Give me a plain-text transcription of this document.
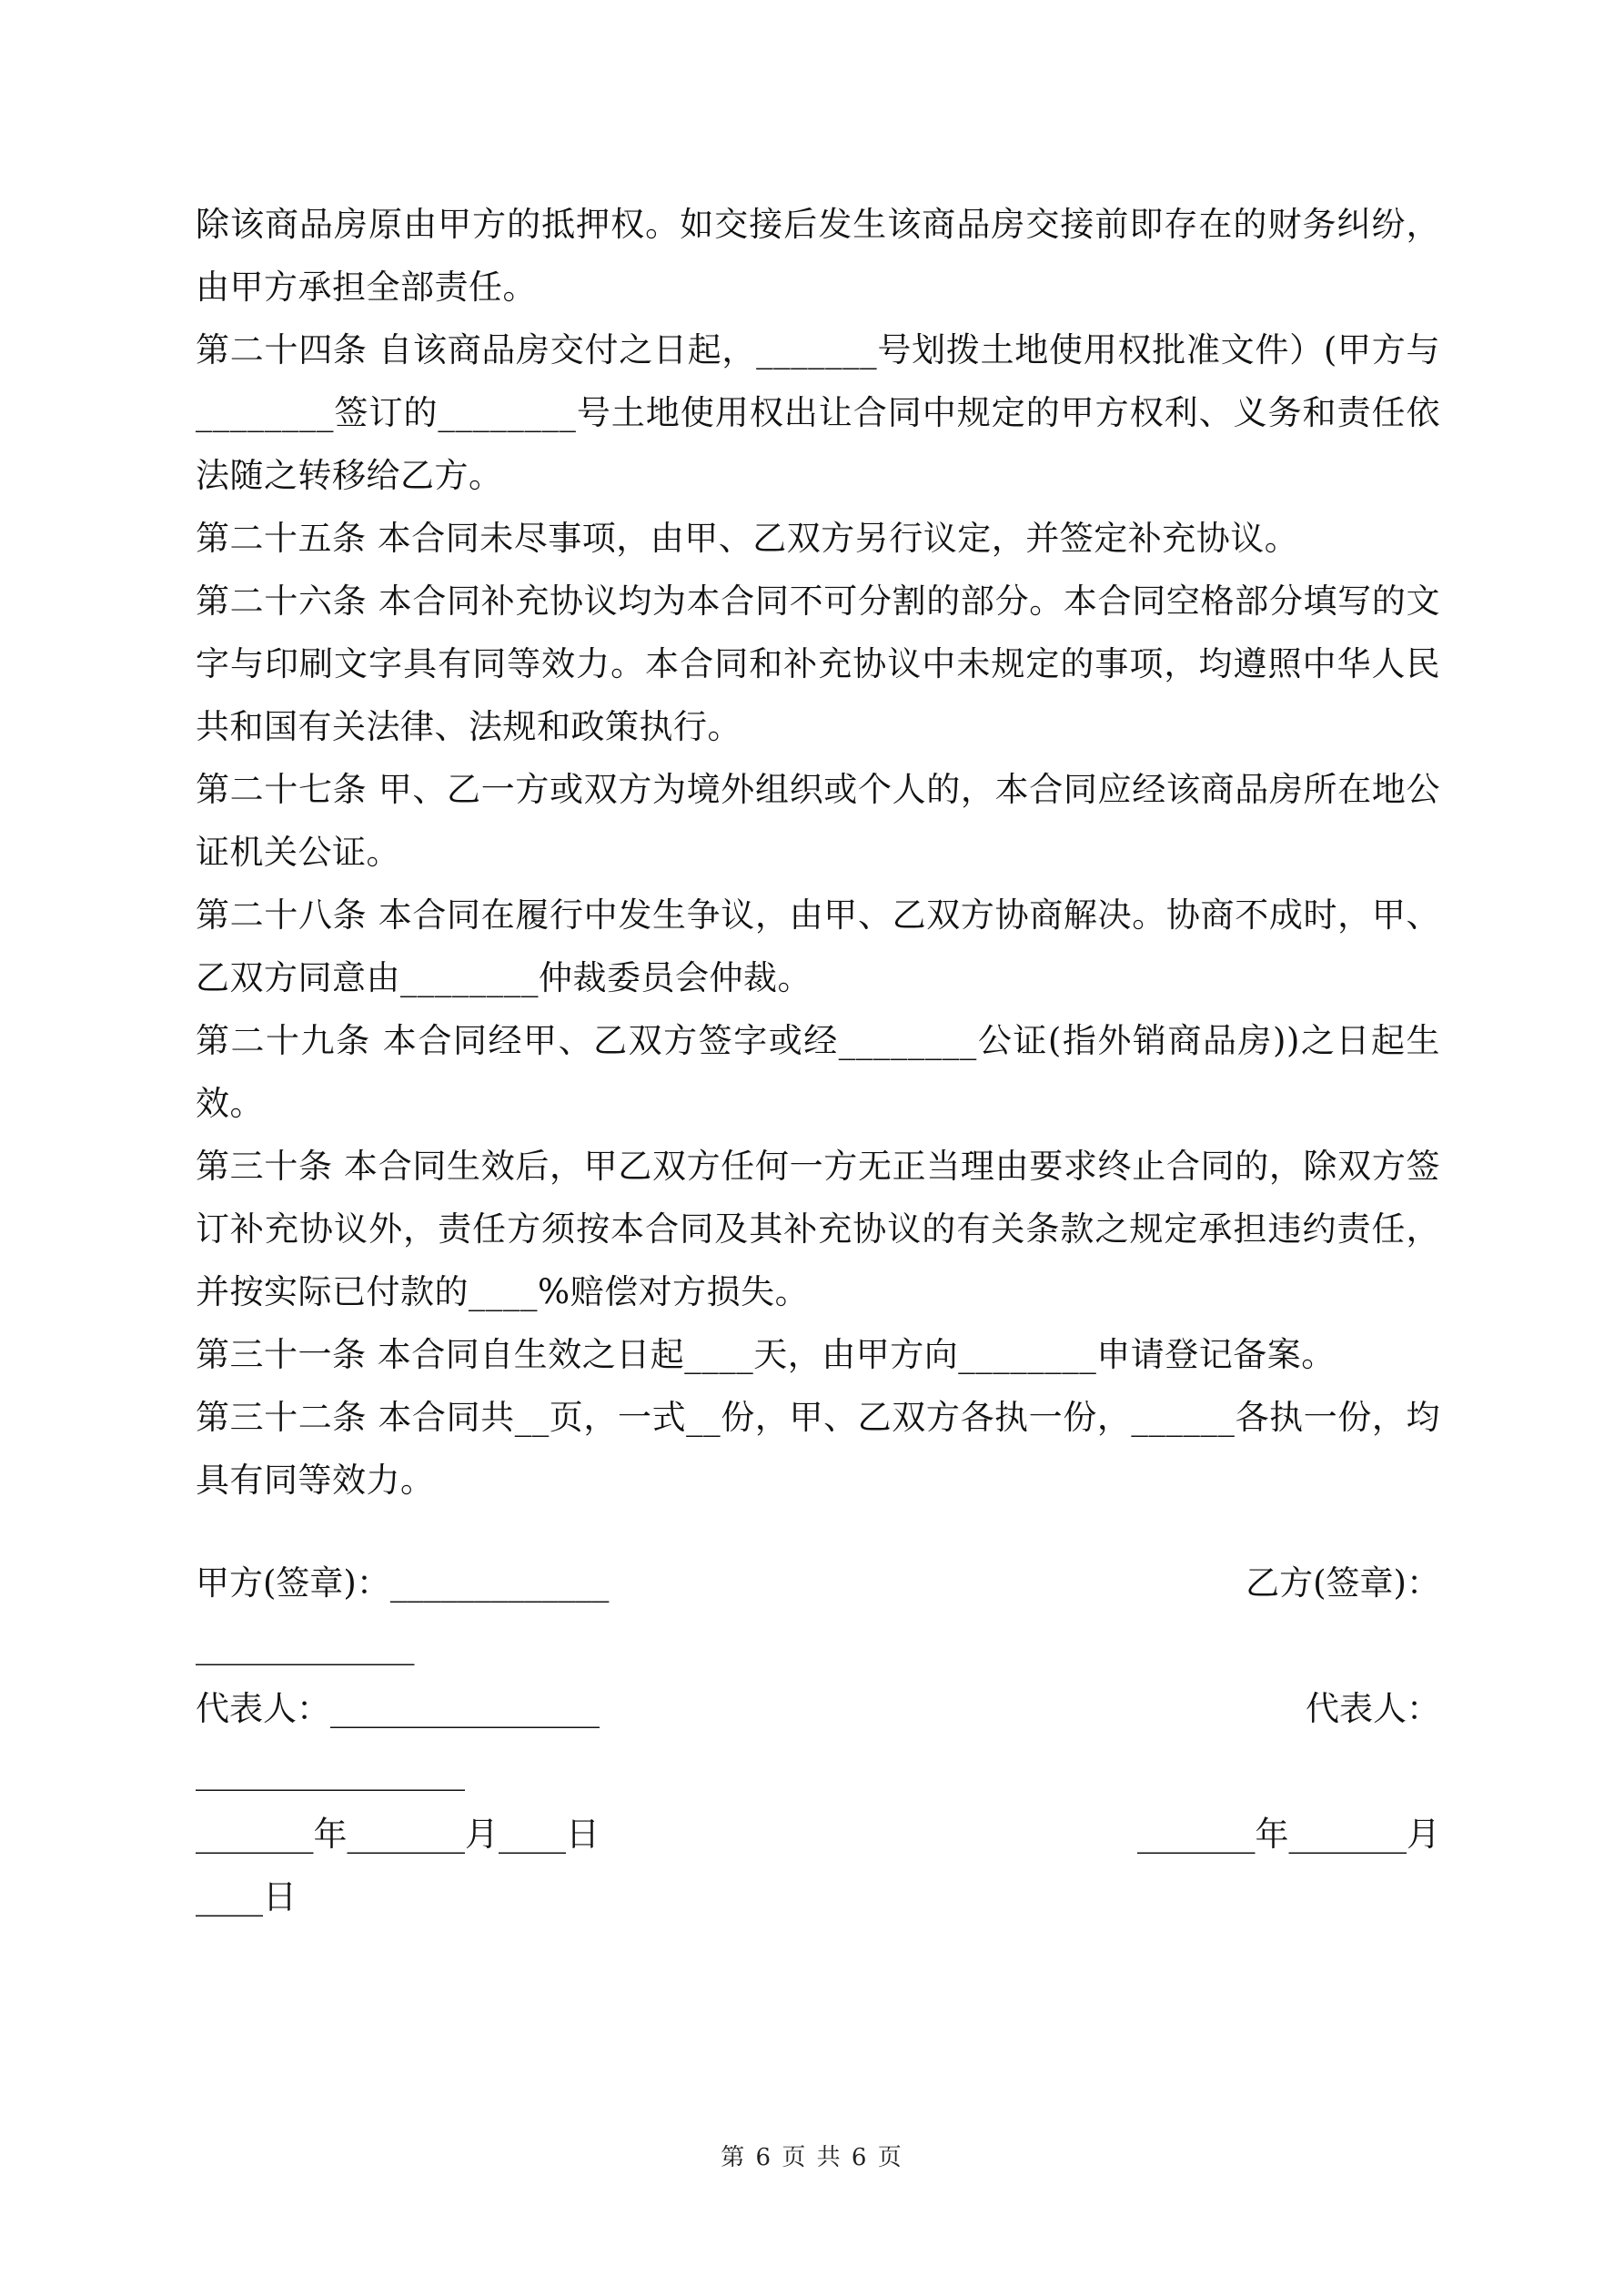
除该商品房原由甲方的抵押权。如交接后发生该商品房交接前即存在的财务纠纷，由甲方承担全部责任。

第二十四条 自该商品房交付之日起，_______号划拨土地使用权批准文件）(甲方与________签订的________号土地使用权出让合同中规定的甲方权利、义务和责任依法随之转移给乙方。

第二十五条 本合同未尽事项，由甲、乙双方另行议定，并签定补充协议。

第二十六条 本合同补充协议均为本合同不可分割的部分。本合同空格部分填写的文字与印刷文字具有同等效力。本合同和补充协议中未规定的事项，均遵照中华人民共和国有关法律、法规和政策执行。

第二十七条 甲、乙一方或双方为境外组织或个人的，本合同应经该商品房所在地公证机关公证。

第二十八条 本合同在履行中发生争议，由甲、乙双方协商解决。协商不成时，甲、乙双方同意由________仲裁委员会仲裁。

第二十九条 本合同经甲、乙双方签字或经________公证(指外销商品房))之日起生效。

第三十条 本合同生效后，甲乙双方任何一方无正当理由要求终止合同的，除双方签订补充协议外，责任方须按本合同及其补充协议的有关条款之规定承担违约责任，并按实际已付款的____%赔偿对方损失。

第三十一条 本合同自生效之日起____天，由甲方向________申请登记备案。

第三十二条 本合同共__页，一式__份，甲、乙双方各执一份，______各执一份，均具有同等效力。

甲方(签章)：_____________	乙方(签章)：
_____________
代表人：________________	代表人：
________________
_______年_______月____日	_______年_______月
____日
第 6 页 共 6 页
